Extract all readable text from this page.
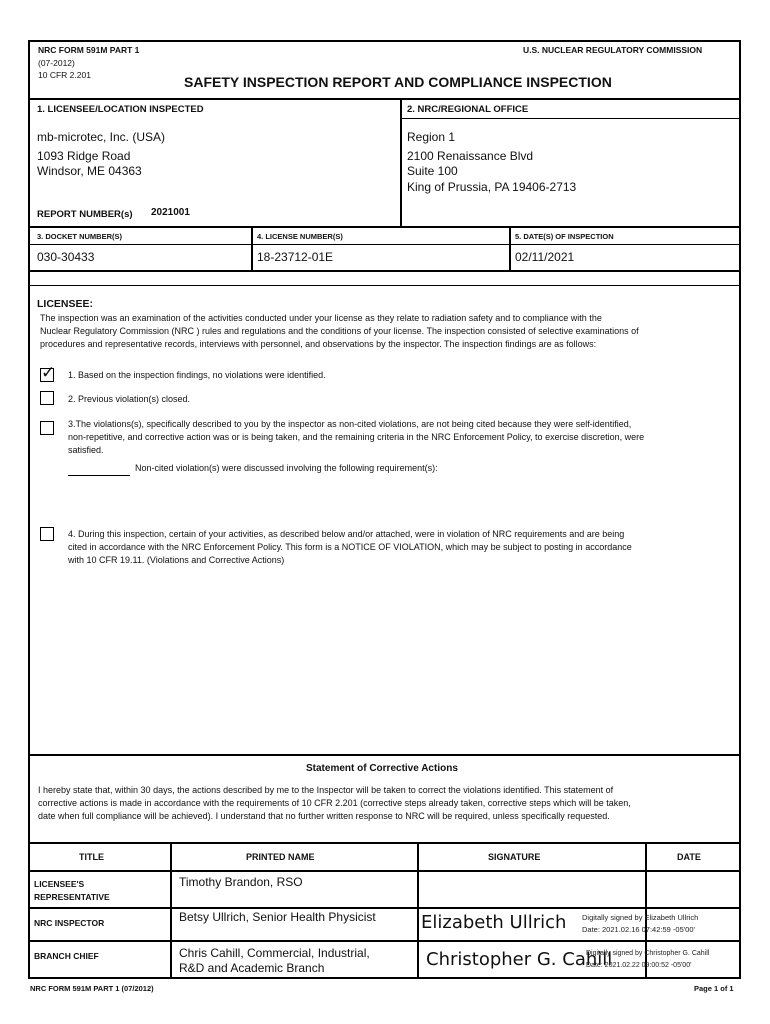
NRC FORM 591M PART 1
(07-2012)
10 CFR 2.201
U.S. NUCLEAR REGULATORY COMMISSION
SAFETY INSPECTION REPORT AND COMPLIANCE INSPECTION
1. LICENSEE/LOCATION INSPECTED	2. NRC/REGIONAL OFFICE
mb-microtec, Inc. (USA)
1093 Ridge Road
Windsor, ME 04363
REPORT NUMBER(s) 2021001
Region 1
2100 Renaissance Blvd
Suite 100
King of Prussia, PA 19406-2713
3. DOCKET NUMBER(S)	4. LICENSE NUMBER(S)	5. DATE(S) OF INSPECTION
030-30433	18-23712-01E	02/11/2021
LICENSEE:
The inspection was an examination of the activities conducted under your license as they relate to radiation safety and to compliance with the
Nuclear Regulatory Commission (NRC ) rules and regulations and the conditions of your license. The inspection consisted of selective examinations of
procedures and representative records, interviews with personnel, and observations by the inspector. The inspection findings are as follows:
✓ 1. Based on the inspection findings, no violations were identified.
2. Previous violation(s) closed.
3.The violations(s), specifically described to you by the inspector as non-cited violations, are not being cited because they were self-identified,
non-repetitive, and corrective action was or is being taken, and the remaining criteria in the NRC Enforcement Policy, to exercise discretion, were
satisfied.
Non-cited violation(s) were discussed involving the following requirement(s):
4. During this inspection, certain of your activities, as described below and/or attached, were in violation of NRC requirements and are being
cited in accordance with the NRC Enforcement Policy. This form is a NOTICE OF VIOLATION, which may be subject to posting in accordance
with 10 CFR 19.11. (Violations and Corrective Actions)
Statement of Corrective Actions
I hereby state that, within 30 days, the actions described by me to the Inspector will be taken to correct the violations identified. This statement of
corrective actions is made in accordance with the requirements of 10 CFR 2.201 (corrective steps already taken, corrective steps which will be taken,
date when full compliance will be achieved). I understand that no further written response to NRC will be required, unless specifically requested.
TITLE	PRINTED NAME	SIGNATURE	DATE
LICENSEE'S
REPRESENTATIVE
Timothy Brandon, RSO
NRC INSPECTOR	Betsy Ullrich, Senior Health Physicist	Elizabeth Ullrich Digitally signed by Elizabeth Ullrich
Date: 2021.02.16 07:42:59 -05'00'
BRANCH CHIEF	Chris Cahill, Commercial, Industrial,
R&D and Academic Branch	Christopher G. Cahill
Digitally signed by Christopher G. Cahill
Date: 2021.02.22 09:00:52 -05'00'
NRC FORM 591M PART 1 (07/2012)	Page 1 of 1
